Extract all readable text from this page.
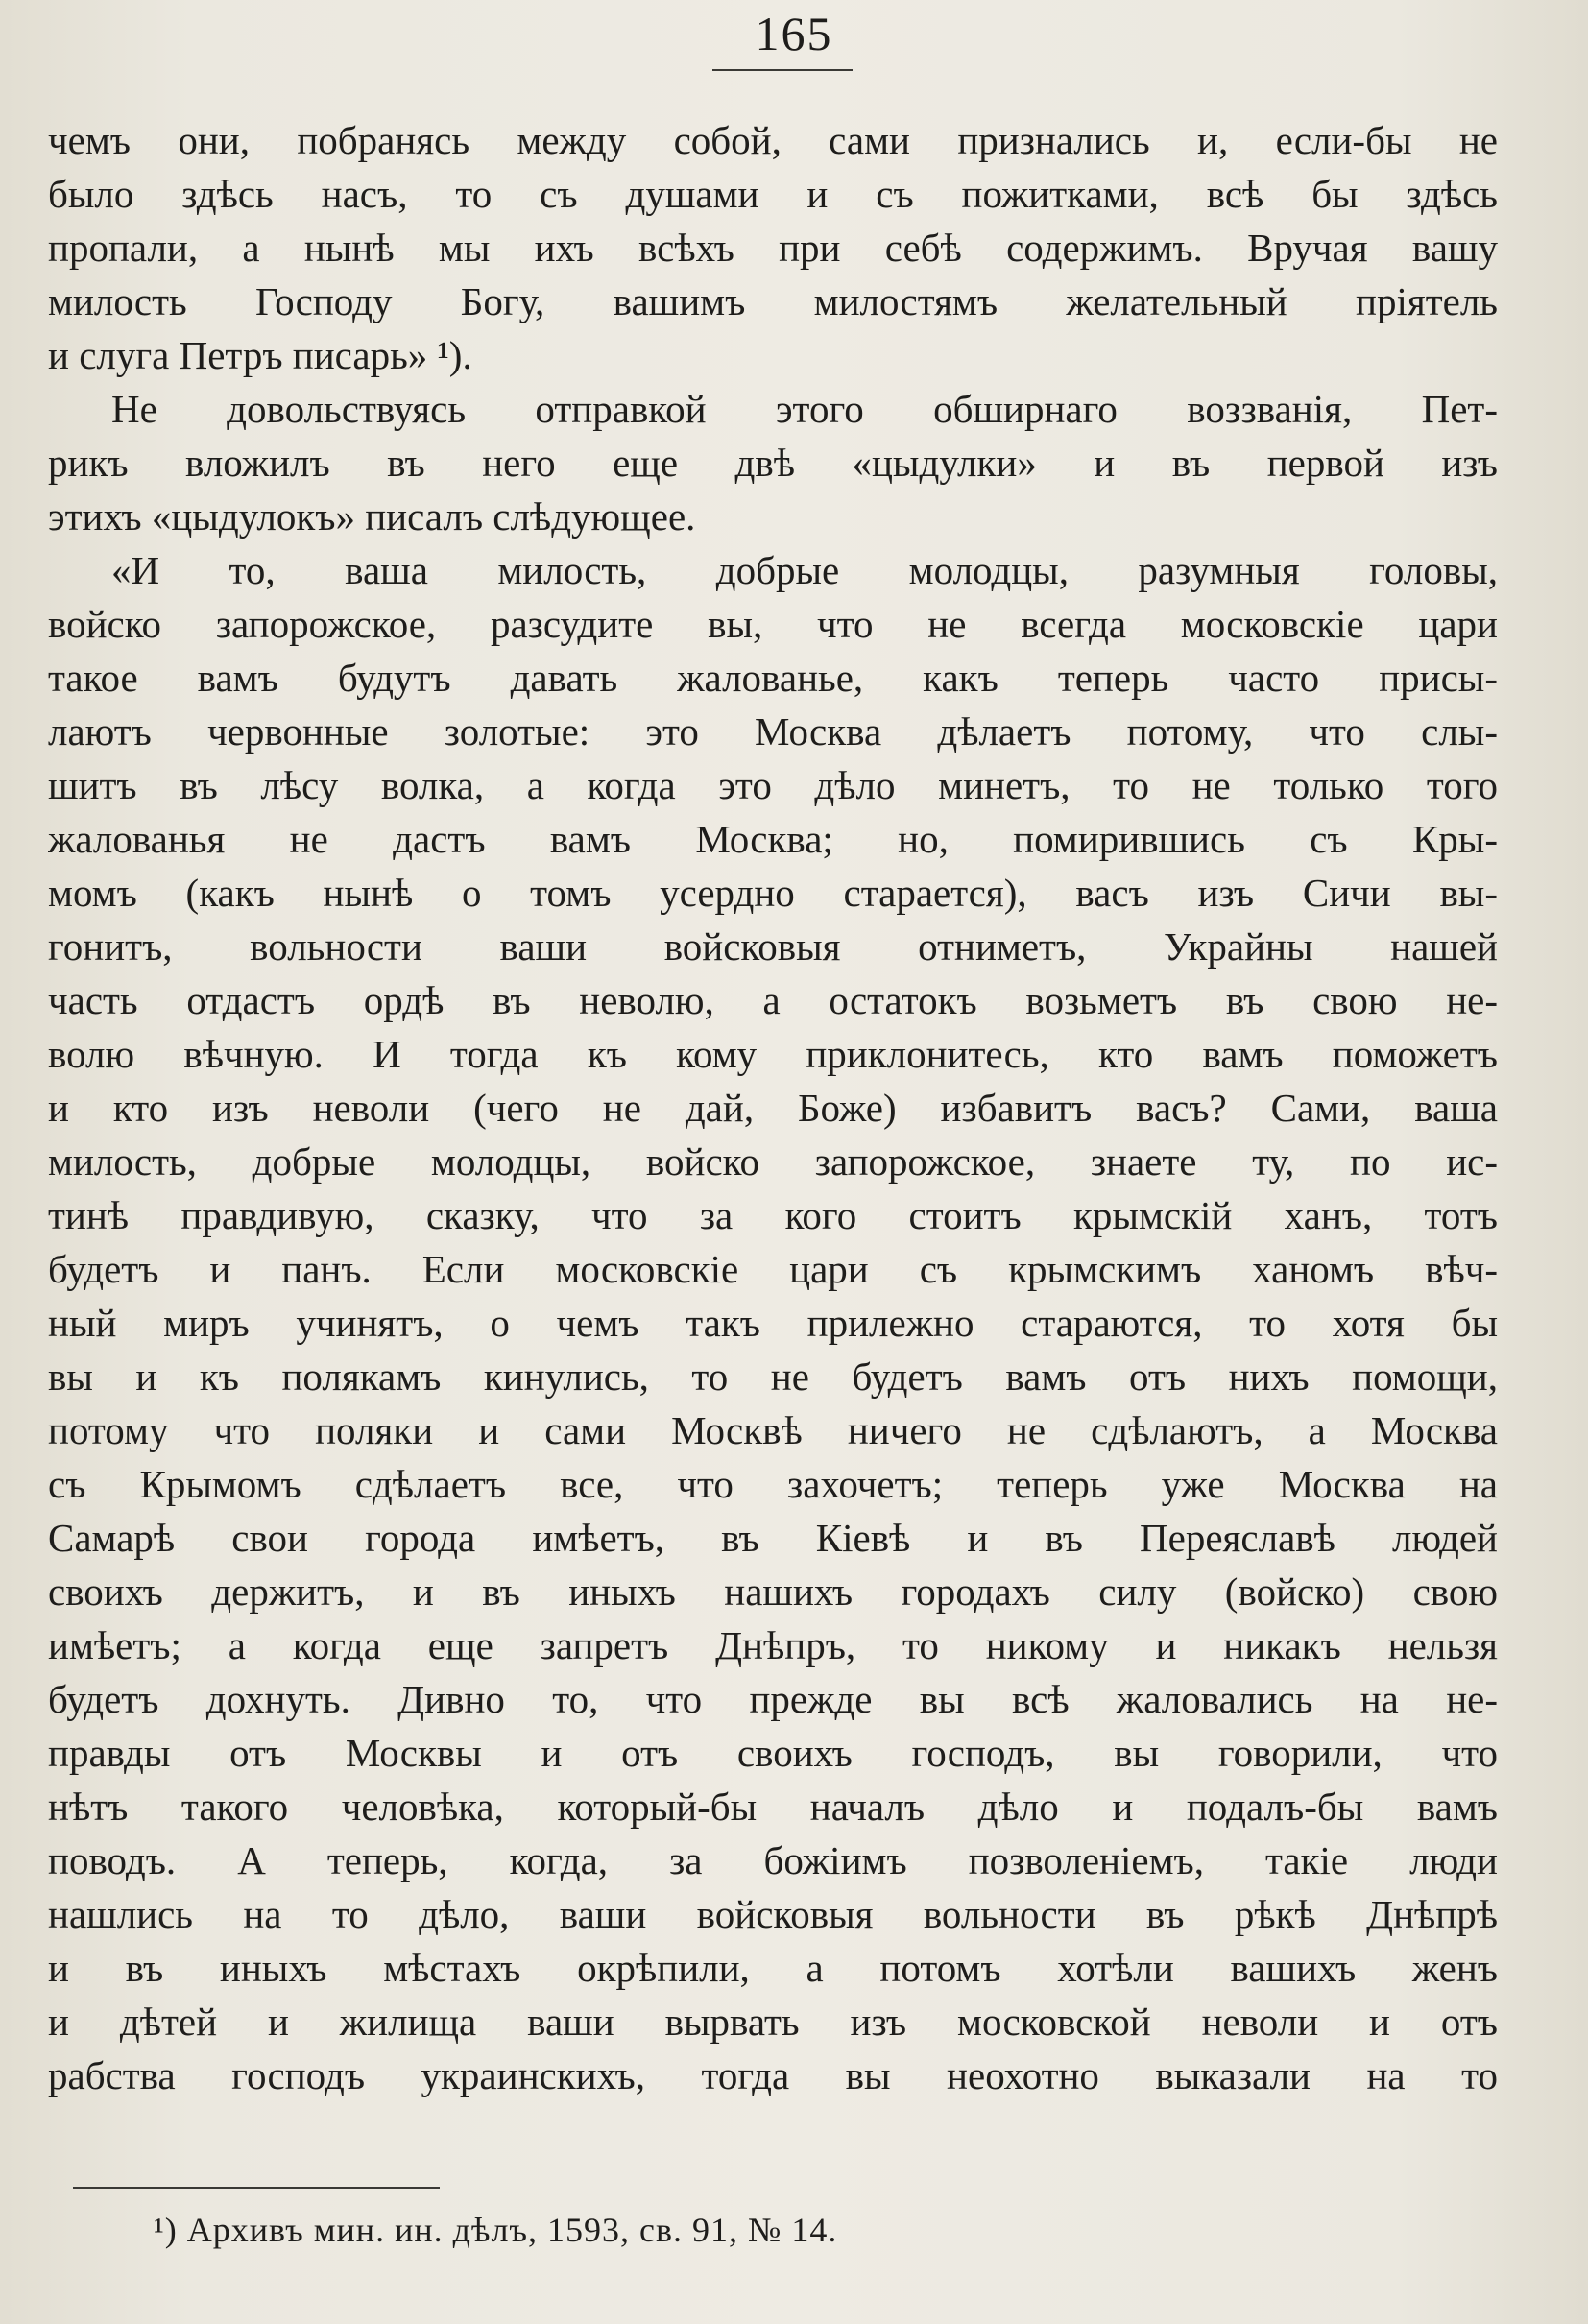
165
чемъ они, побранясь между собой, сами признались и, если-бы не
было здѣсь насъ, то съ душами и съ пожитками, всѣ бы здѣсь
пропали, а нынѣ мы ихъ всѣхъ при себѣ содержимъ. Вручая вашу
милость Господу Богу, вашимъ милостямъ желательный пріятель
и слуга Петръ писарь» ¹).
Не довольствуясь отправкой этого обширнаго воззванія, Пет-
рикъ вложилъ въ него еще двѣ «цыдулки» и въ первой изъ
этихъ «цыдулокъ» писалъ слѣдующее.
«И то, ваша милость, добрые молодцы, разумныя головы,
войско запорожское, разсудите вы, что не всегда московскіе цари
такое вамъ будутъ давать жалованье, какъ теперь часто присы-
лаютъ червонные золотые: это Москва дѣлаетъ потому, что слы-
шитъ въ лѣсу волка, а когда это дѣло минетъ, то не только того
жалованья не дастъ вамъ Москва; но, помирившись съ Кры-
момъ (какъ нынѣ о томъ усердно старается), васъ изъ Сичи вы-
гонитъ, вольности ваши войсковыя отниметъ, Украйны нашей
часть отдастъ ордѣ въ неволю, а остатокъ возьметъ въ свою не-
волю вѣчную. И тогда къ кому приклонитесь, кто вамъ поможетъ
и кто изъ неволи (чего не дай, Боже) избавитъ васъ? Сами, ваша
милость, добрые молодцы, войско запорожское, знаете ту, по ис-
тинѣ правдивую, сказку, что за кого стоитъ крымскій ханъ, тотъ
будетъ и панъ. Если московскіе цари съ крымскимъ ханомъ вѣч-
ный миръ учинятъ, о чемъ такъ прилежно стараются, то хотя бы
вы и къ полякамъ кинулись, то не будетъ вамъ отъ нихъ помощи,
потому что поляки и сами Москвѣ ничего не сдѣлаютъ, а Москва
съ Крымомъ сдѣлаетъ все, что захочетъ; теперь уже Москва на
Самарѣ свои города имѣетъ, въ Кіевѣ и въ Переяславѣ людей
своихъ держитъ, и въ иныхъ нашихъ городахъ силу (войско) свою
имѣетъ; а когда еще запретъ Днѣпръ, то никому и никакъ нельзя
будетъ дохнуть. Дивно то, что прежде вы всѣ жаловались на не-
правды отъ Москвы и отъ своихъ господъ, вы говорили, что
нѣтъ такого человѣка, который-бы началъ дѣло и подалъ-бы вамъ
поводъ. А теперь, когда, за божіимъ позволеніемъ, такіе люди
нашлись на то дѣло, ваши войсковыя вольности въ рѣкѣ Днѣпрѣ
и въ иныхъ мѣстахъ окрѣпили, а потомъ хотѣли вашихъ женъ
и дѣтей и жилища ваши вырвать изъ московской неволи и отъ
рабства господъ украинскихъ, тогда вы неохотно выказали на то
¹) Архивъ мин. ин. дѣлъ, 1593, св. 91, № 14.
